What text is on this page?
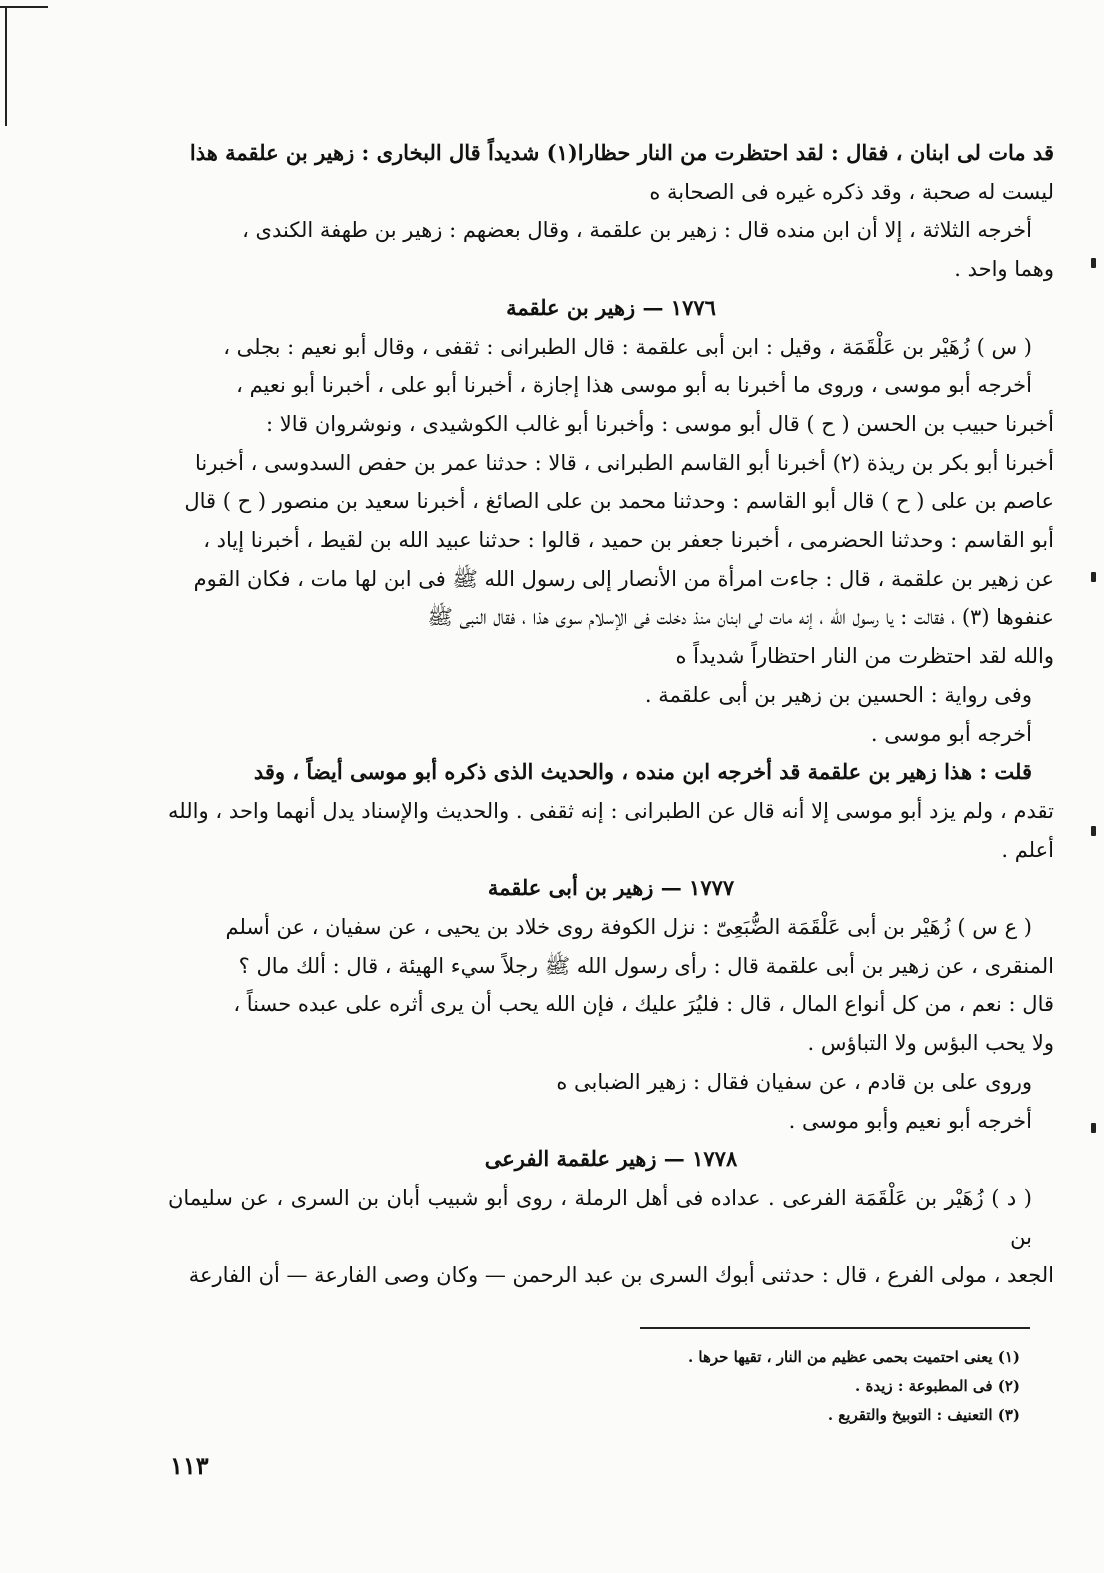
قد مات لى ابنان ، فقال : لقد احتظرت من النار حظارا(١) شديداً قال البخارى : زهير بن علقمة هذا

ليست له صحبة ، وقد ذكره غيره فى الصحابة ه

أخرجه الثلاثة ، إلا أن ابن منده قال : زهير بن علقمة ، وقال بعضهم : زهير بن طهفة الكندى ،

وهما واحد .

١٧٧٦ — زهير بن علقمة

( س ) زُهَيْر بن عَلْقَمَة ، وقيل : ابن أبى علقمة : قال الطبرانى : ثقفى ، وقال أبو نعيم : بجلى ،

أخرجه أبو موسى ، وروى ما أخبرنا به أبو موسى هذا إجازة ، أخبرنا أبو على ، أخبرنا أبو نعيم ،

أخبرنا حبيب بن الحسن ( ح ) قال أبو موسى : وأخبرنا أبو غالب الكوشيدى ، ونوشروان قالا :

أخبرنا أبو بكر بن ريذة (٢) أخبرنا أبو القاسم الطبرانى ، قالا : حدثنا عمر بن حفص السدوسى ، أخبرنا

عاصم بن على ( ح ) قال أبو القاسم : وحدثنا محمد بن على الصائغ ، أخبرنا سعيد بن منصور ( ح ) قال

أبو القاسم : وحدثنا الحضرمى ، أخبرنا جعفر بن حميد ، قالوا : حدثنا عبيد الله بن لقيط ، أخبرنا إياد ،

عن زهير بن علقمة ، قال : جاءت امرأة من الأنصار إلى رسول الله ﷺ فى ابن لها مات ، فكان القوم

عنفوها (٣) ، فقالت : يا رسول الله ، إنه مات لى ابنان منذ دخلت فى الإسلام سوى هذا ، فقال النبى ﷺ

والله لقد احتظرت من النار احتظاراً شديداً ه

وفى رواية : الحسين بن زهير بن أبى علقمة .

أخرجه أبو موسى .

قلت : هذا زهير بن علقمة قد أخرجه ابن منده ، والحديث الذى ذكره أبو موسى أيضاً ، وقد

تقدم ، ولم يزد أبو موسى إلا أنه قال عن الطبرانى : إنه ثقفى . والحديث والإسناد يدل أنهما واحد ، والله أعلم .

١٧٧٧ — زهير بن أبى علقمة

( ع س ) زُهَيْر بن أبى عَلْقَمَة الضُّبَعِىّ : نزل الكوفة روى خلاد بن يحيى ، عن سفيان ، عن أسلم

المنقرى ، عن زهير بن أبى علقمة قال : رأى رسول الله ﷺ رجلاً سيء الهيئة ، قال : ألك مال ؟

قال : نعم ، من كل أنواع المال ، قال : فليُرَ عليك ، فإن الله يحب أن يرى أثره على عبده حسناً ،

ولا يحب البؤس ولا التباؤس .

وروى على بن قادم ، عن سفيان فقال : زهير الضبابى ه

أخرجه أبو نعيم وأبو موسى .

١٧٧٨ — زهير علقمة الفرعى

( د ) زُهَيْر بن عَلْقَمَة الفرعى . عداده فى أهل الرملة ، روى أبو شبيب أبان بن السرى ، عن سليمان بن

الجعد ، مولى الفرع ، قال : حدثنى أبوك السرى بن عبد الرحمن — وكان وصى الفارعة — أن الفارعة

(١) يعنى احتميت بحمى عظيم من النار ، تقيها حرها .

(٢) فى المطبوعة : زيدة .

(٣) التعنيف : التوبيخ والتقريع .

١١٣
